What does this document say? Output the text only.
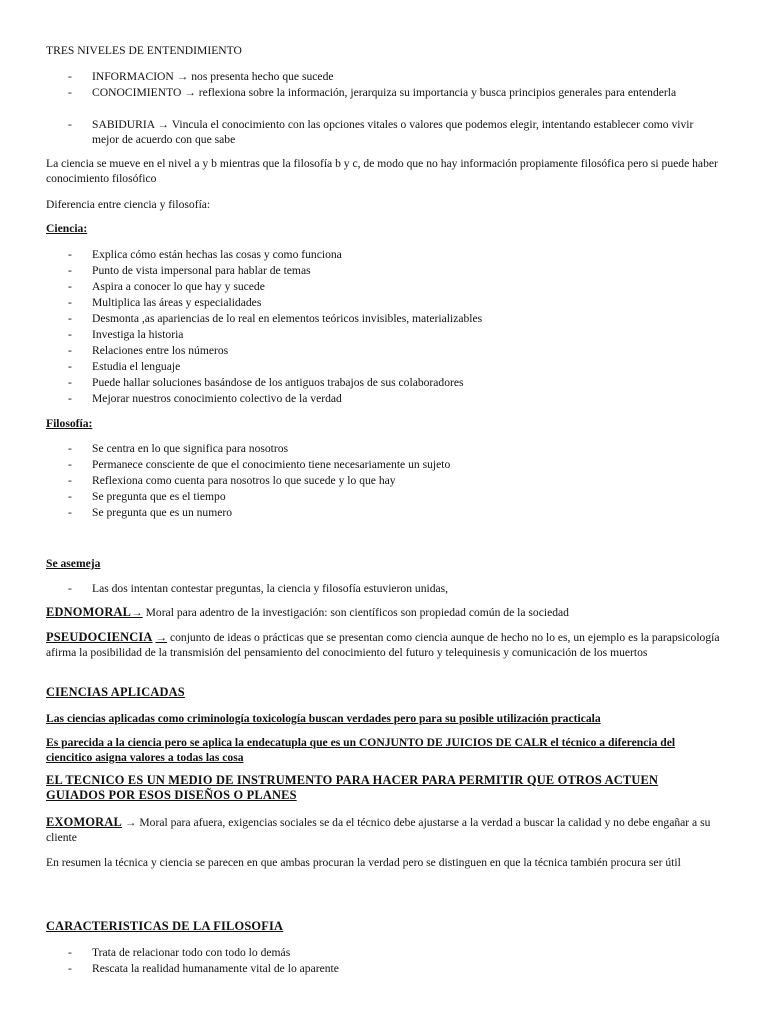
TRES NIVELES DE ENTENDIMIENTO
- INFORMACION → nos presenta hecho que sucede
- CONOCIMIENTO → reflexiona sobre la información, jerarquiza su importancia y busca principios generales para entenderla
- SABIDURIA → Vincula el conocimiento con las opciones vitales o valores que podemos elegir, intentando establecer como vivir mejor de acuerdo con que sabe
La ciencia se mueve en el nivel a y b mientras que la filosofía b y c, de modo que no hay información propiamente filosófica pero si puede haber conocimiento filosófico
Diferencia entre ciencia y filosofía:
Ciencia:
- Explica cómo están hechas las cosas y como funciona
- Punto de vista impersonal para hablar de temas
- Aspira a conocer lo que hay y sucede
- Multiplica las áreas y especialidades
- Desmonta ,as apariencias de lo real en elementos teóricos invisibles, materializables
- Investiga la historia
- Relaciones entre los números
- Estudia el lenguaje
- Puede hallar soluciones basándose de los antiguos trabajos de sus colaboradores
- Mejorar nuestros conocimiento colectivo de la verdad
Filosofía:
- Se centra en lo que significa para nosotros
- Permanece consciente de que el conocimiento tiene necesariamente un sujeto
- Reflexiona como cuenta para nosotros lo que sucede y lo que hay
- Se pregunta que es el tiempo
- Se pregunta que es un numero
Se asemeja
- Las dos intentan contestar preguntas, la ciencia y filosofía estuvieron unidas,
EDNOMORAL→ Moral para adentro de la investigación: son científicos son propiedad común de la sociedad
PSEUDOCIENCIA → conjunto de ideas o prácticas que se presentan como ciencia aunque de hecho no lo es, un ejemplo es la parapsicología afirma la posibilidad de la transmisión del pensamiento del conocimiento del futuro y telequinesis y comunicación de los muertos
CIENCIAS APLICADAS
Las ciencias aplicadas como criminología toxicología buscan verdades pero para su posible utilización practicala
Es parecida a la ciencia pero se aplica la endecatupla que es un CONJUNTO DE JUICIOS DE CALR el técnico a diferencia del ciencitico asigna valores a todas las cosa
EL TECNICO ES UN MEDIO DE INSTRUMENTO PARA HACER PARA PERMITIR QUE OTROS ACTUEN GUIADOS POR ESOS DISEÑOS O PLANES
EXOMORAL → Moral para afuera, exigencias sociales se da el técnico debe ajustarse a la verdad a buscar la calidad y no debe engañar a su cliente
En resumen la técnica y ciencia se parecen en que ambas procuran la verdad pero se distinguen en que la técnica también procura ser útil
CARACTERISTICAS DE LA FILOSOFIA
- Trata de relacionar todo con todo lo demás
- Rescata la realidad humanamente vital de lo aparente
